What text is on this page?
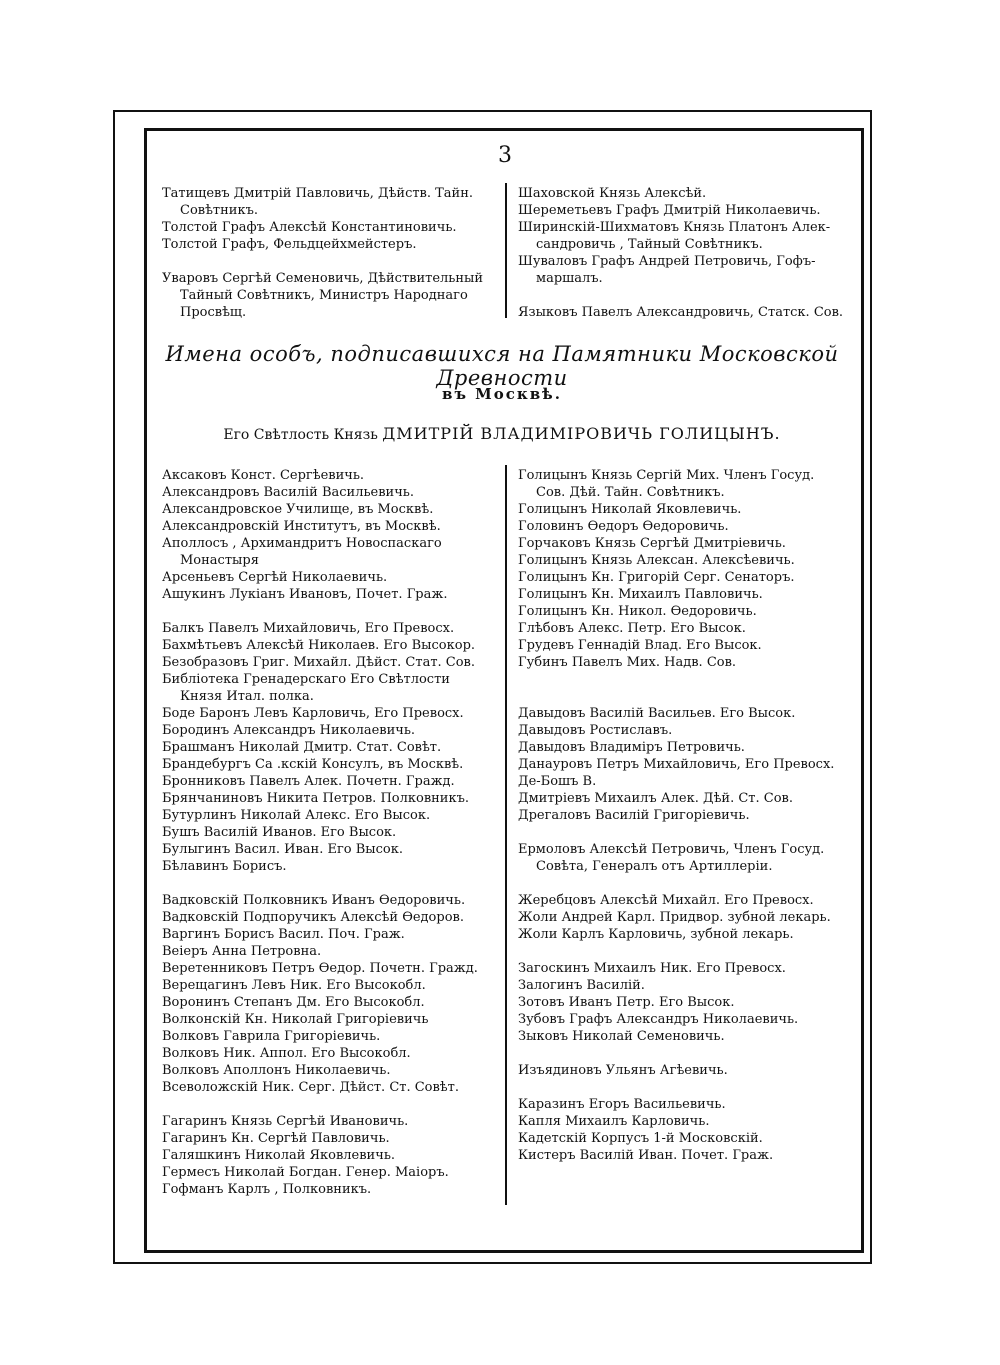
3
Татищевъ Дмитрій Павловичь, Дѣйств. Тайн.
Совѣтникъ.
Толстой Графъ Алексѣй Константиновичь.
Толстой Графъ, Фельдцейхмейстеръ.
Уваровъ Сергѣй Семеновичь, Дѣйствительный
Тайный Совѣтникъ, Министръ Народнаго
Просвѣщ.
Шаховской Князь Алексѣй.
Шереметьевъ Графъ Дмитрій Николаевичь.
Ширинскій-Шихматовъ Князь Платонъ Алек-
сандровичь , Тайный Совѣтникъ.
Шуваловъ Графъ Андрей Петровичь, Гофъ-
маршалъ.
Языковъ Павелъ Александровичь, Статск. Сов.
Имена особъ, подписавшихся на Памятники Московской Древности
въ Москвѣ.
Его Свѣтлость Князь ДМИТРІЙ ВЛАДИМІРОВИЧЬ ГОЛИЦЫНЪ.
Аксаковъ Конст. Сергѣевичь.
Александровъ Василій Васильевичь.
Александровское Училище, въ Москвѣ.
Александровскій Институтъ, въ Москвѣ.
Аполлосъ , Архимандритъ Новоспаскаго
Монастыря
Арсеньевъ Сергѣй Николаевичь.
Ашукинъ Лукіанъ Ивановъ, Почет. Граж.
Балкъ Павелъ Михайловичь, Его Превосх.
Бахмѣтьевъ Алексѣй Николаев. Его Высокор.
Безобразовъ Григ. Михайл. Дѣйст. Стат. Сов.
Библіотека Гренадерскаго Его Свѣтлости
Князя Итал. полка.
Боде Баронъ Левъ Карловичь, Его Превосх.
Бородинъ Александръ Николаевичь.
Брашманъ Николай Дмитр. Стат. Совѣт.
Брандебургъ Са .кскій Консулъ, въ Москвѣ.
Бронниковъ Павелъ Алек. Почетн. Гражд.
Брянчаниновъ Никита Петров. Полковникъ.
Бутурлинъ Николай Алекс. Его Высок.
Бушъ Василій Иванов. Его Высок.
Булыгинъ Васил. Иван. Его Высок.
Бѣлавинъ Борисъ.
Вадковскій Полковникъ Иванъ Ѳедоровичь.
Вадковскій Подпоручикъ Алексѣй Ѳедоров.
Варгинъ Борисъ Васил. Поч. Граж.
Веіеръ Анна Петровна.
Веретенниковъ Петръ Ѳедор. Почетн. Гражд.
Верещагинъ Левъ Ник. Его Высокобл.
Воронинъ Степанъ Дм. Его Высокобл.
Волконскій Кн. Николай Григорiевичь
Волковъ Гаврила Григорiевичь.
Волковъ Ник. Аппол. Его Высокобл.
Волковъ Аполлонъ Николаевичь.
Всеволожскій Ник. Серг. Дѣйст. Ст. Совѣт.
Гагаринъ Князь Сергѣй Ивановичь.
Гагаринъ Кн. Сергѣй Павловичь.
Галяшкинъ Николай Яковлевичь.
Гермесъ Николай Богдан. Генер. Маiоръ.
Гофманъ Карлъ , Полковникъ.
Голицынъ Князь Сергій Мих. Членъ Госуд.
Сов. Дѣй. Тайн. Совѣтникъ.
Голицынъ Николай Яковлевичь.
Головинъ Ѳедоръ Ѳедоровичь.
Горчаковъ Князь Сергѣй Дмитрiевичь.
Голицынъ Князь Алексан. Алексѣевичь.
Голицынъ Кн. Григорій Серг. Сенаторъ.
Голицынъ Кн. Михаилъ Павловичь.
Голицынъ Кн. Никол. Ѳедоровичь.
Глѣбовъ Алекс. Петр. Его Высок.
Грудевъ Геннадій Влад. Его Высок.
Губинъ Павелъ Мих. Надв. Сов.
Давыдовъ Василій Васильев. Его Высок.
Давыдовъ Ростиславъ.
Давыдовъ Владиміръ Петровичь.
Данауровъ Петръ Михайловичь, Его Превосх.
Де-Бошъ В.
Дмитріевъ Михаилъ Алек. Дѣй. Ст. Сов.
Дрегаловъ Василій Григорiевичь.
Ермоловъ Алексѣй Петровичь, Членъ Госуд.
Совѣта, Генералъ отъ Артиллеріи.
Жеребцовъ Алексѣй Михайл. Его Превосх.
Жоли Андрей Карл. Придвор. зубной лекарь.
Жоли Карлъ Карловичь, зубной лекарь.
Загоскинъ Михаилъ Ник. Его Превосх.
Залогинъ Василій.
Зотовъ Иванъ Петр. Его Высок.
Зубовъ Графъ Александръ Николаевичь.
Зыковъ Николай Семеновичь.
Изъядиновъ Ульянъ Агѣевичь.
Каразинъ Егоръ Васильевичь.
Капля Михаилъ Карловичь.
Кадетскій Корпусъ 1-й Московскій.
Кистеръ Василій Иван. Почет. Граж.
